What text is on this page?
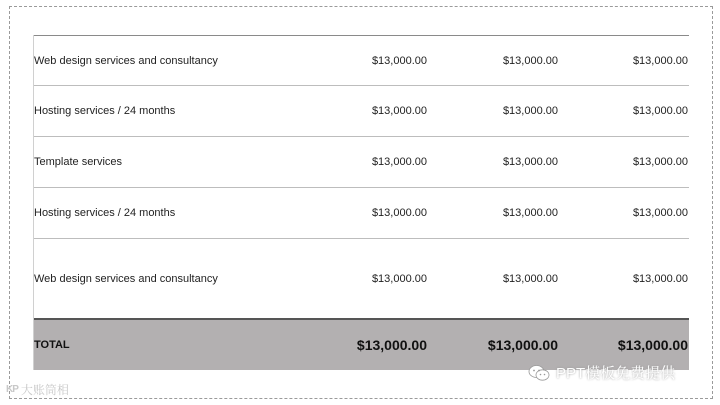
Web design services and consultancy	$13,000.00	$13,000.00	$13,000.00
Hosting services / 24 months	$13,000.00	$13,000.00	$13,000.00
Template services	$13,000.00	$13,000.00	$13,000.00
Hosting services / 24 months	$13,000.00	$13,000.00	$13,000.00
Web design services and consultancy	$13,000.00	$13,000.00	$13,000.00
TOTAL	$13,000.00	$13,000.00	$13,000.00
KP 大账筒相
PPT模板免费提供
